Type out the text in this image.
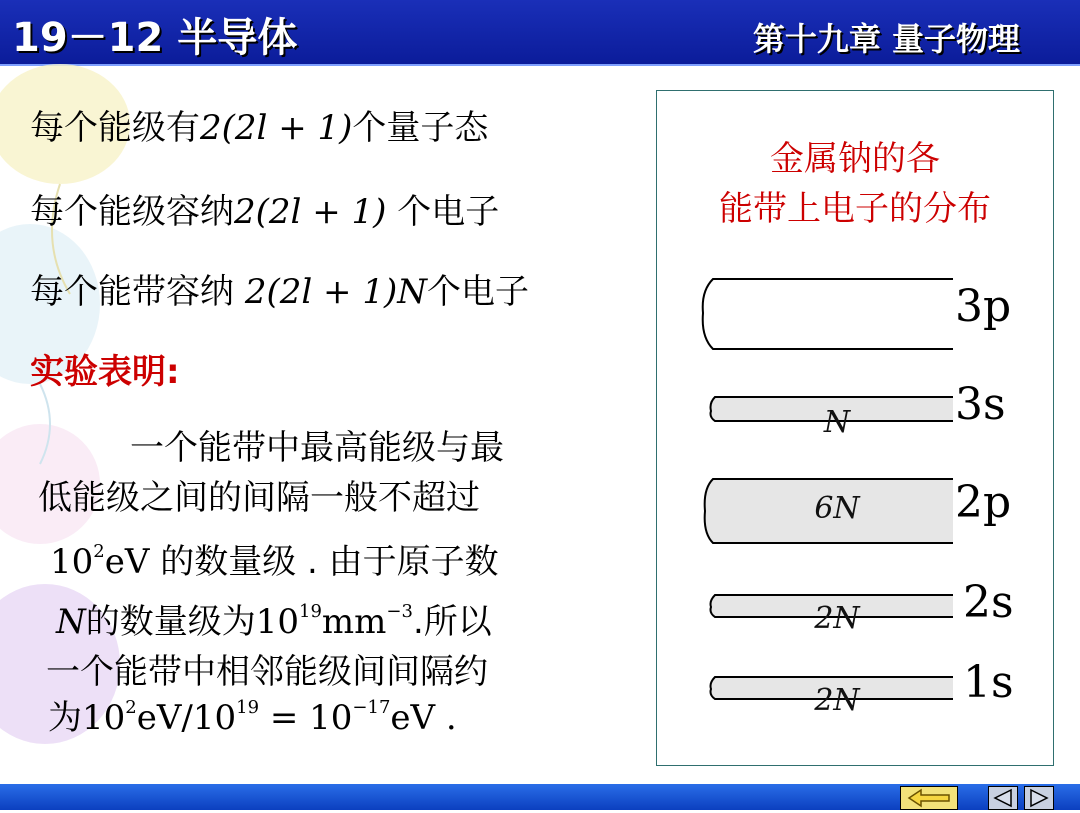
19－12 半导体	第十九章 量子物理
每个能级有2(2l + 1)个量子态
每个能级容纳2(2l + 1) 个电子
每个能带容纳 2(2l + 1)N个电子
实验表明:
一个能带中最高能级与最
低能级之间的间隔一般不超过
$10^2eV$ 的数量级 . 由于原子数
N的数量级为$10^{19}mm^{-3}$.所以
一个能带中相邻能级间间隔约
为$10^2eV/10^{19} = 10^{-17}eV$ .
金属钠的各
能带上电子的分布
3p
3s
2p
2s
1s
N
6N
2N
2N
